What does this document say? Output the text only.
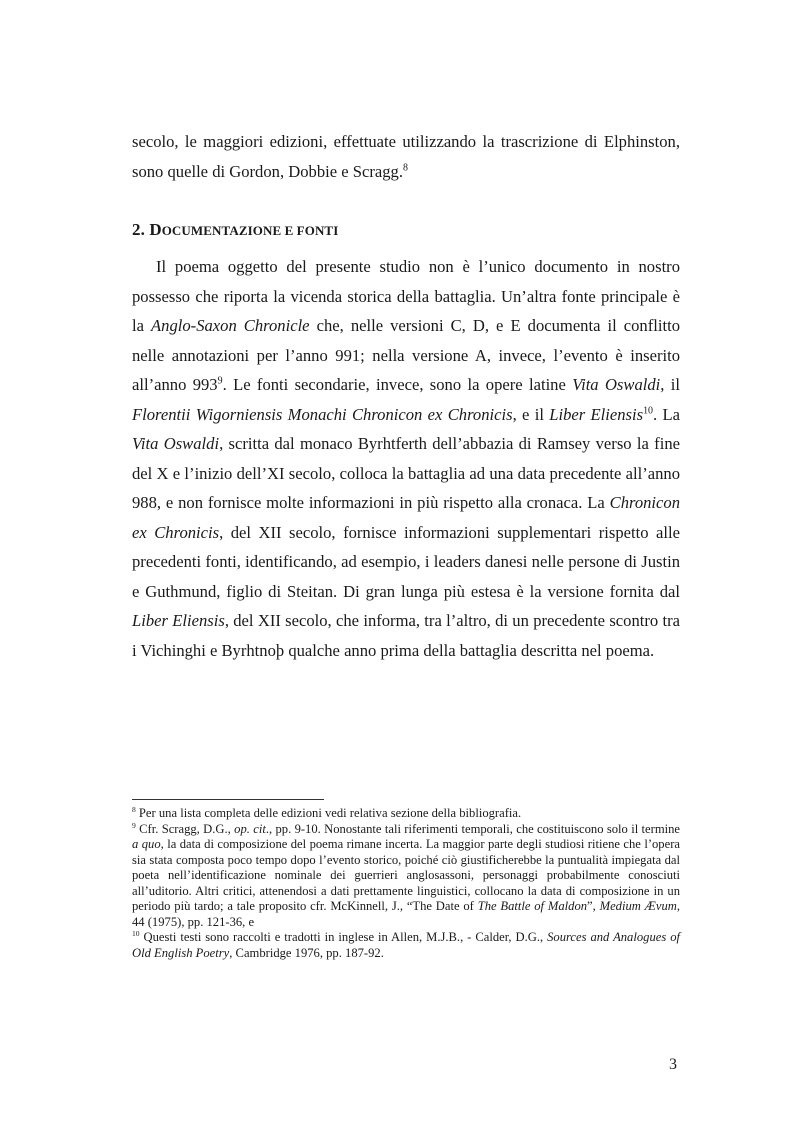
secolo, le maggiori edizioni, effettuate utilizzando la trascrizione di Elphinston, sono quelle di Gordon, Dobbie e Scragg.$^8$

2. DOCUMENTAZIONE E FONTI

Il poema oggetto del presente studio non è l’unico documento in nostro possesso che riporta la vicenda storica della battaglia. Un’altra fonte principale è la Anglo-Saxon Chronicle che, nelle versioni C, D, e E documenta il conflitto nelle annotazioni per l’anno 991; nella versione A, invece, l’evento è inserito all’anno $993^9$. Le fonti secondarie, invece, sono la opere latine Vita Oswaldi, il Florentii Wigorniensis Monachi Chronicon ex Chronicis, e il Liber Eliensis$^{10}$. La Vita Oswaldi, scritta dal monaco Byrhtferth dell’abbazia di Ramsey verso la fine del X e l’inizio dell’XI secolo, colloca la battaglia ad una data precedente all’anno 988, e non fornisce molte informazioni in più rispetto alla cronaca. La Chronicon ex Chronicis, del XII secolo, fornisce informazioni supplementari rispetto alle precedenti fonti, identificando, ad esempio, i leaders danesi nelle persone di Justin e Guthmund, figlio di Steitan. Di gran lunga più estesa è la versione fornita dal Liber Eliensis, del XII secolo, che informa, tra l’altro, di un precedente scontro tra i Vichinghi e Byrhtnoþ qualche anno prima della battaglia descritta nel poema.

$^8$ Per una lista completa delle edizioni vedi relativa sezione della bibliografia.

$^9$ Cfr. Scragg, D.G., op. cit., pp. 9-10. Nonostante tali riferimenti temporali, che costituiscono solo il termine a quo, la data di composizione del poema rimane incerta. La maggior parte degli studiosi ritiene che l’opera sia stata composta poco tempo dopo l’evento storico, poiché ciò giustificherebbe la puntualità impiegata dal poeta nell’identificazione nominale dei guerrieri anglosassoni, personaggi probabilmente conosciuti all’uditorio. Altri critici, attenendosi a dati prettamente linguistici, collocano la data di composizione in un periodo più tardo; a tale proposito cfr. McKinnell, J., “The Date of The Battle of Maldon”, Medium Ævum, 44 (1975), pp. 121-36, e

$^{10}$ Questi testi sono raccolti e tradotti in inglese in Allen, M.J.B., - Calder, D.G., Sources and Analogues of Old English Poetry, Cambridge 1976, pp. 187-92.

3
